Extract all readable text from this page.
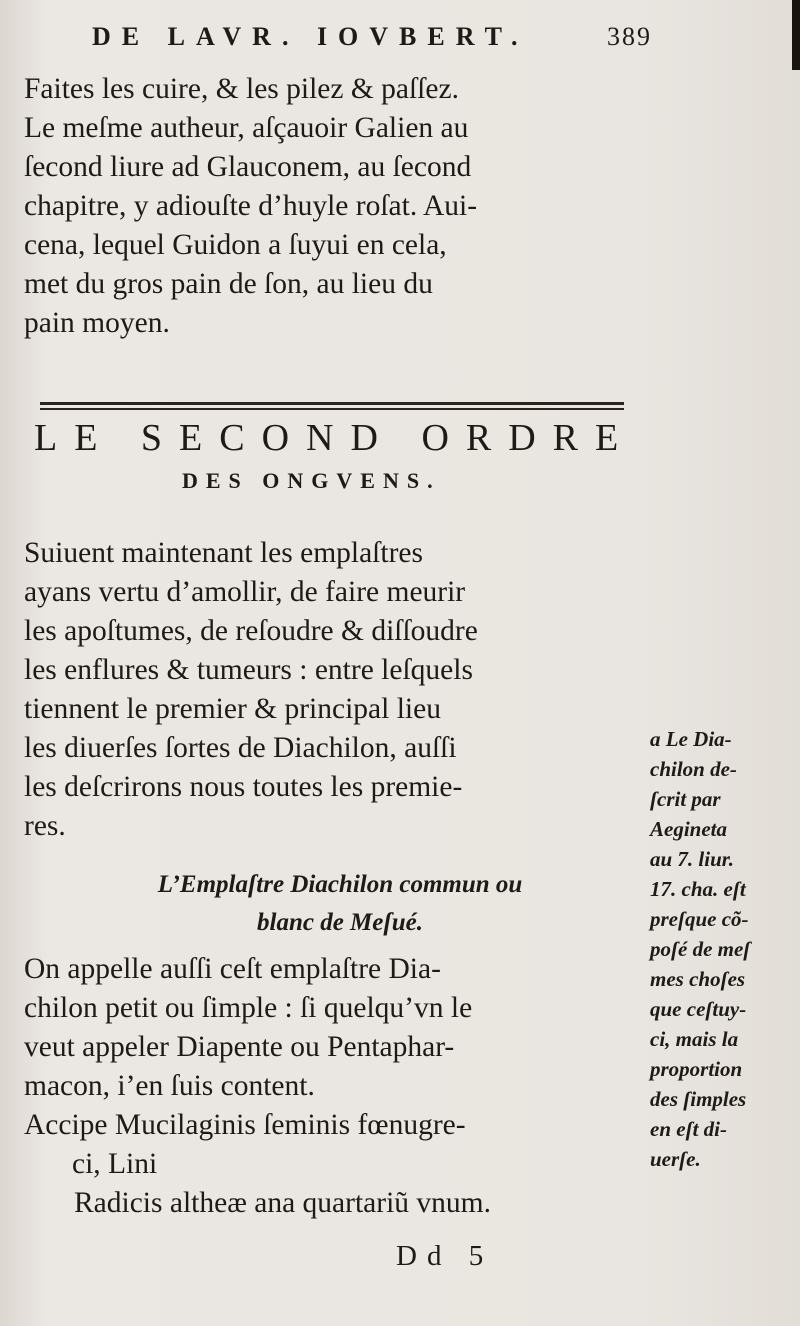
DE LAVR. IOVBERT.	389
Faites les cuire, & les pilez & paſſez.
Le meſme autheur, aſçauoir Galien au
ſecond liure ad Glauconem, au ſecond
chapitre, y adiouſte d’huyle roſat. Aui-
cena, lequel Guidon a ſuyui en cela,
met du gros pain de ſon, au lieu du
pain moyen.
LE SECOND ORDRE
DES ONGVENS.
Suiuent maintenant les emplaſtres
ayans vertu d’amollir, de faire meurir
les apoſtumes, de reſoudre & diſſoudre
les enflures & tumeurs : entre leſquels
tiennent le premier & principal lieu
les diuerſes ſortes de Diachilon, auſſi
les deſcrirons nous toutes les premie-
res.
L’Emplaſtre Diachilon commun ou
blanc de Meſué.
On appelle auſſi ceſt emplaſtre Dia-
chilon petit ou ſimple : ſi quelqu’vn le
veut appeler Diapente ou Pentaphar-
macon, i’en ſuis content.
Accipe Mucilaginis ſeminis fœnugre-
ci, Lini
Radicis altheæ ana quartariũ vnum.
a Le Dia-
chilon de-
ſcrit par
Aegineta
au 7. liur.
17. cha. eſt
preſque cõ-
poſé de meſ
mes choſes
que ceſtuy-
ci, mais la
proportion
des ſimples
en eſt di-
uerſe.
Dd 5
